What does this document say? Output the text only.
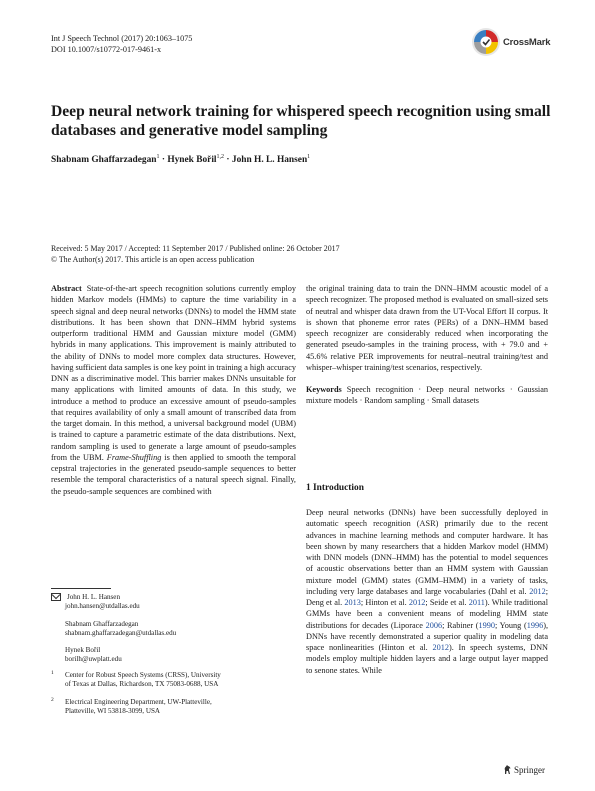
Int J Speech Technol (2017) 20:1063–1075
DOI 10.1007/s10772-017-9461-x
CrossMark
Deep neural network training for whispered speech recognition using small databases and generative model sampling
Shabnam Ghaffarzadegan$^1$ · Hynek Bořil$^{1,2}$ · John H. L. Hansen$^1$
Received: 5 May 2017 / Accepted: 11 September 2017 / Published online: 26 October 2017
© The Author(s) 2017. This article is an open access publication
Abstract State-of-the-art speech recognition solutions currently employ hidden Markov models (HMMs) to capture the time variability in a speech signal and deep neural networks (DNNs) to model the HMM state distributions. It has been shown that DNN–HMM hybrid systems outperform traditional HMM and Gaussian mixture model (GMM) hybrids in many applications. This improvement is mainly attributed to the ability of DNNs to model more complex data structures. However, having sufficient data samples is one key point in training a high accuracy DNN as a discriminative model. This barrier makes DNNs unsuitable for many applications with limited amounts of data. In this study, we introduce a method to produce an excessive amount of pseudo-samples that requires availability of only a small amount of transcribed data from the target domain. In this method, a universal background model (UBM) is trained to capture a parametric estimate of the data distributions. Next, random sampling is used to generate a large amount of pseudo-samples from the UBM. Frame-Shuffling is then applied to smooth the temporal cepstral trajectories in the generated pseudo-sample sequences to better resemble the temporal characteristics of a natural speech signal. Finally, the pseudo-sample sequences are combined with
the original training data to train the DNN–HMM acoustic model of a speech recognizer. The proposed method is evaluated on small-sized sets of neutral and whisper data drawn from the UT-Vocal Effort II corpus. It is shown that phoneme error rates (PERs) of a DNN–HMM based speech recognizer are considerably reduced when incorporating the generated pseudo-samples in the training process, with + 79.0 and + 45.6% relative PER improvements for neutral–neutral training/test and whisper–whisper training/test scenarios, respectively.
Keywords Speech recognition · Deep neural networks · Gaussian mixture models · Random sampling · Small datasets
1 Introduction
Deep neural networks (DNNs) have been successfully deployed in automatic speech recognition (ASR) primarily due to the recent advances in machine learning methods and computer hardware. It has been shown by many researchers that a hidden Markov model (HMM) with DNN models (DNN–HMM) has the potential to model sequences of acoustic observations better than an HMM system with Gaussian mixture model (GMM) states (GMM–HMM) in a variety of tasks, including very large databases and large vocabularies (Dahl et al. 2012; Deng et al. 2013; Hinton et al. 2012; Seide et al. 2011). While traditional GMMs have been a convenient means of modeling HMM state distributions for decades (Liporace 2006; Rabiner (1990; Young (1996), DNNs have recently demonstrated a superior quality in modeling data space nonlinearities (Hinton et al. 2012). In speech systems, DNN models employ multiple hidden layers and a large output layer mapped to senone states. While
John H. L. Hansen
john.hansen@utdallas.edu
Shabnam Ghaffarzadegan
shabnam.ghaffarzadegan@utdallas.edu
Hynek Bořil
borilh@uwplatt.edu
1 Center for Robust Speech Systems (CRSS), University
of Texas at Dallas, Richardson, TX 75083-0688, USA
2 Electrical Engineering Department, UW-Platteville,
Platteville, WI 53818-3099, USA
Springer
